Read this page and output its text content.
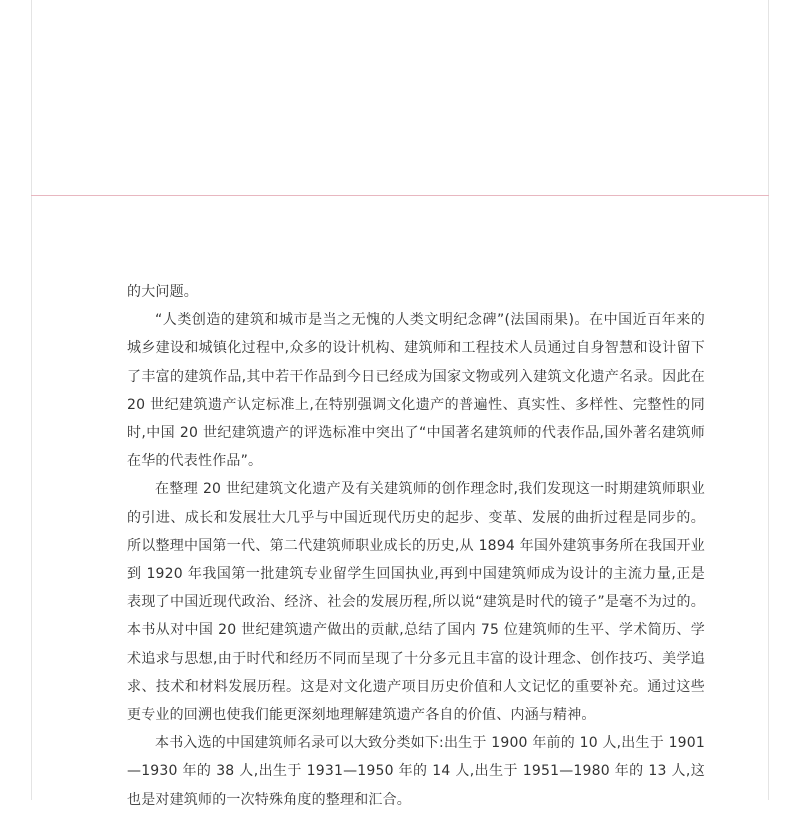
的大问题。

“人类创造的建筑和城市是当之无愧的人类文明纪念碑”(法国雨果)。在中国近百年来的城乡建设和城镇化过程中,众多的设计机构、建筑师和工程技术人员通过自身智慧和设计留下了丰富的建筑作品,其中若干作品到今日已经成为国家文物或列入建筑文化遗产名录。因此在 20 世纪建筑遗产认定标准上,在特别强调文化遗产的普遍性、真实性、多样性、完整性的同时,中国 20 世纪建筑遗产的评选标准中突出了“中国著名建筑师的代表作品,国外著名建筑师在华的代表性作品”。

在整理 20 世纪建筑文化遗产及有关建筑师的创作理念时,我们发现这一时期建筑师职业的引进、成长和发展壮大几乎与中国近现代历史的起步、变革、发展的曲折过程是同步的。所以整理中国第一代、第二代建筑师职业成长的历史,从 1894 年国外建筑事务所在我国开业到 1920 年我国第一批建筑专业留学生回国执业,再到中国建筑师成为设计的主流力量,正是表现了中国近现代政治、经济、社会的发展历程,所以说“建筑是时代的镜子”是毫不为过的。本书从对中国 20 世纪建筑遗产做出的贡献,总结了国内 75 位建筑师的生平、学术简历、学术追求与思想,由于时代和经历不同而呈现了十分多元且丰富的设计理念、创作技巧、美学追求、技术和材料发展历程。这是对文化遗产项目历史价值和人文记忆的重要补充。通过这些更专业的回溯也使我们能更深刻地理解建筑遗产各自的价值、内涵与精神。

本书入选的中国建筑师名录可以大致分类如下:出生于 1900 年前的 10 人,出生于 1901—1930 年的 38 人,出生于 1931—1950 年的 14 人,出生于 1951—1980 年的 13 人,这也是对建筑师的一次特殊角度的整理和汇合。
